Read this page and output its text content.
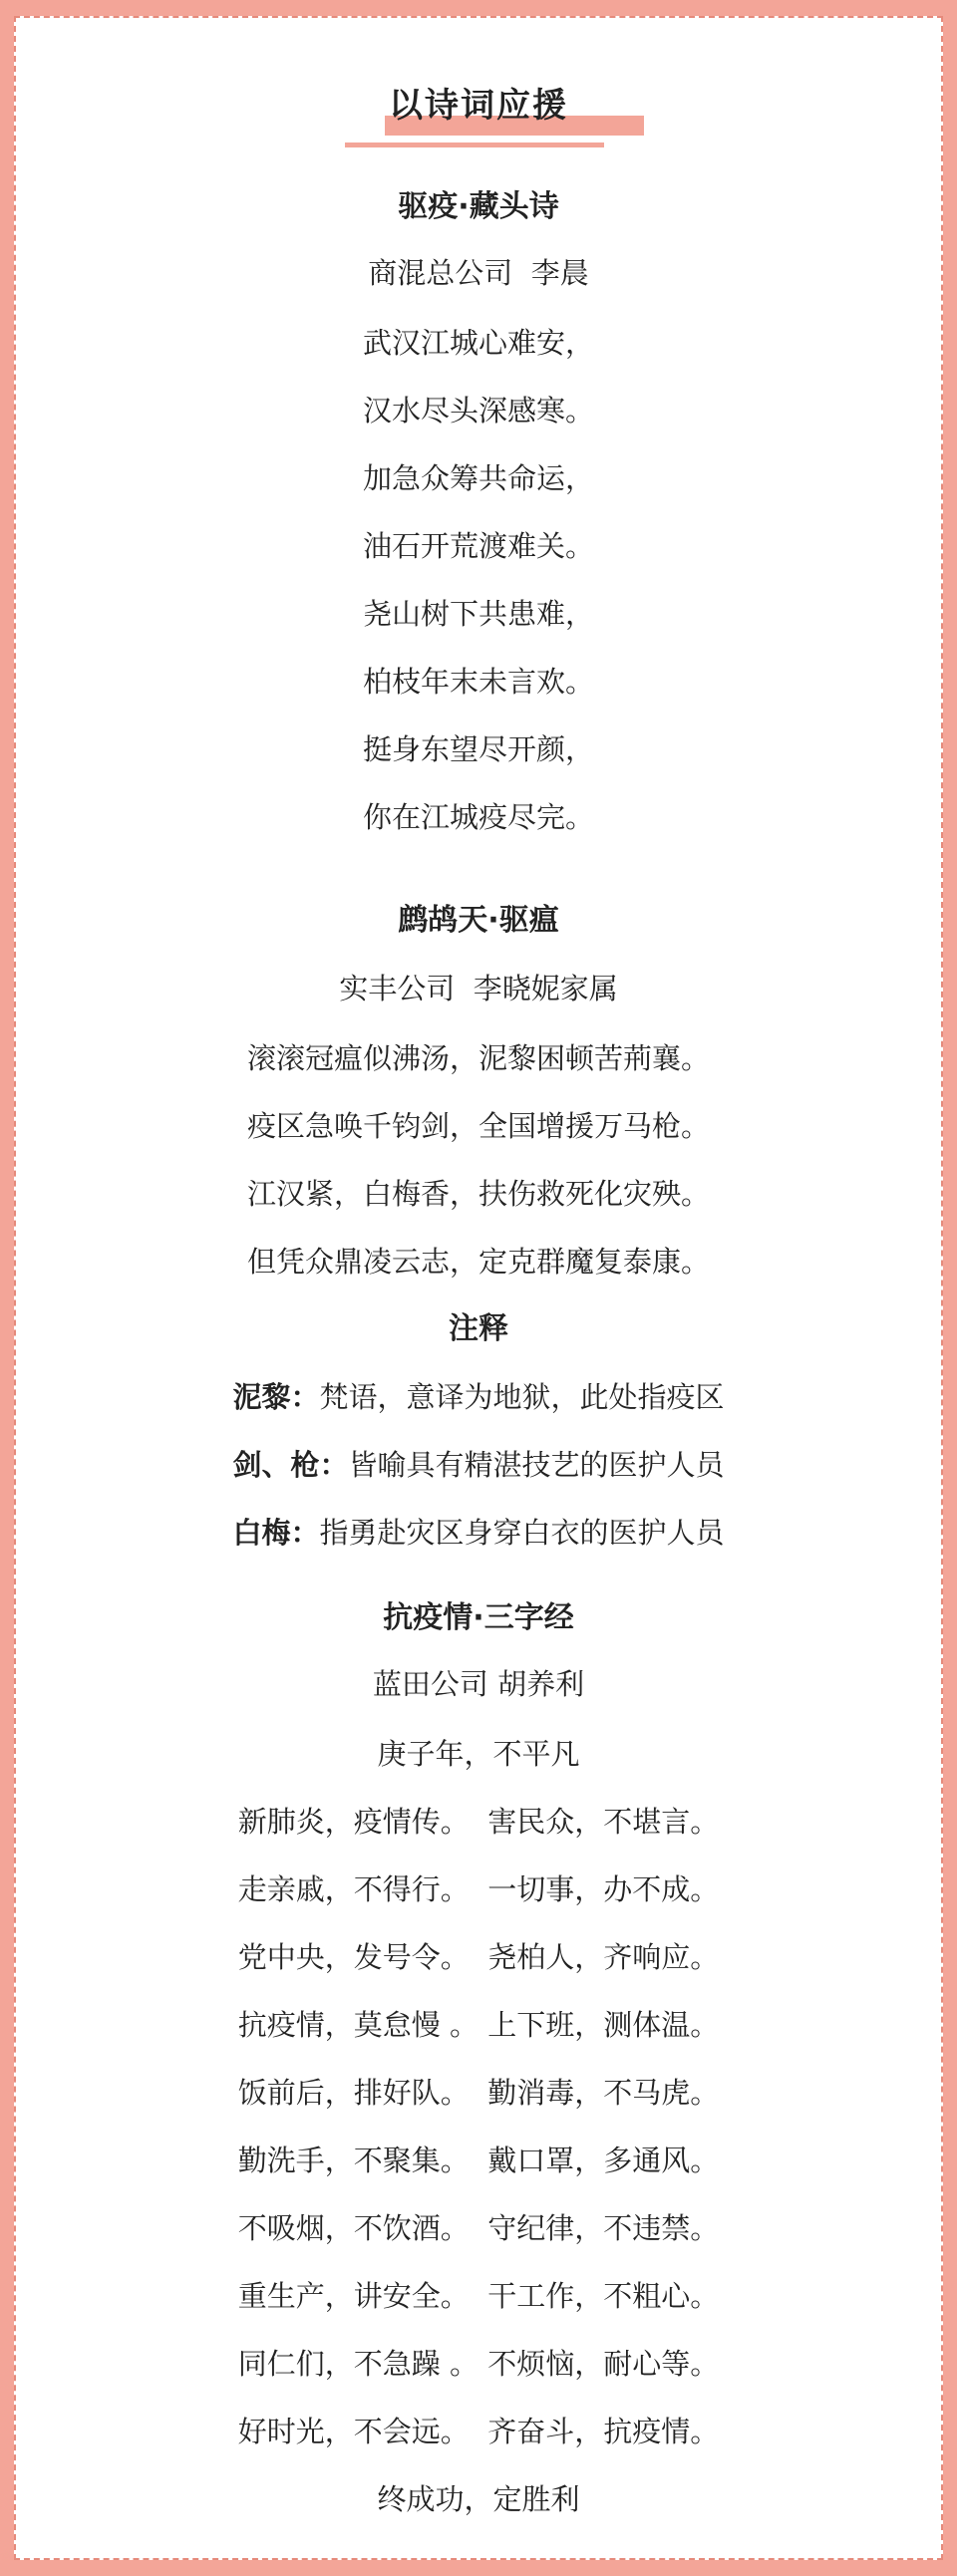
以诗词应援
驱疫·藏头诗
商混总公司  李晨
武汉江城心难安，
汉水尽头深感寒。
加急众筹共命运，
油石开荒渡难关。
尧山树下共患难，
柏枝年末未言欢。
挺身东望尽开颜，
你在江城疫尽完。
鹧鸪天·驱瘟
实丰公司  李晓妮家属
滚滚冠瘟似沸汤，泥黎困顿苦荊襄。
疫区急唤千钧剑，全国增援万马枪。
江汉紧，白梅香，扶伤救死化灾殃。
但凭众鼎凌云志，定克群魔复泰康。
注释
泥黎：梵语，意译为地狱，此处指疫区
剑、枪：皆喻具有精湛技艺的医护人员
白梅：指勇赴灾区身穿白衣的医护人员
抗疫情·三字经
蓝田公司 胡养利
庚子年，不平凡
新肺炎，疫情传。  害民众，不堪言。
走亲戚，不得行。  一切事，办不成。
党中央，发号令。  尧柏人，齐响应。
抗疫情，莫怠慢 。 上下班，测体温。
饭前后，排好队。  勤消毒，不马虎。
勤洗手，不聚集。  戴口罩，多通风。
不吸烟，不饮酒。  守纪律，不违禁。
重生产，讲安全。  干工作，不粗心。
同仁们，不急躁 。 不烦恼，耐心等。
好时光，不会远。  齐奋斗，抗疫情。
终成功，定胜利
